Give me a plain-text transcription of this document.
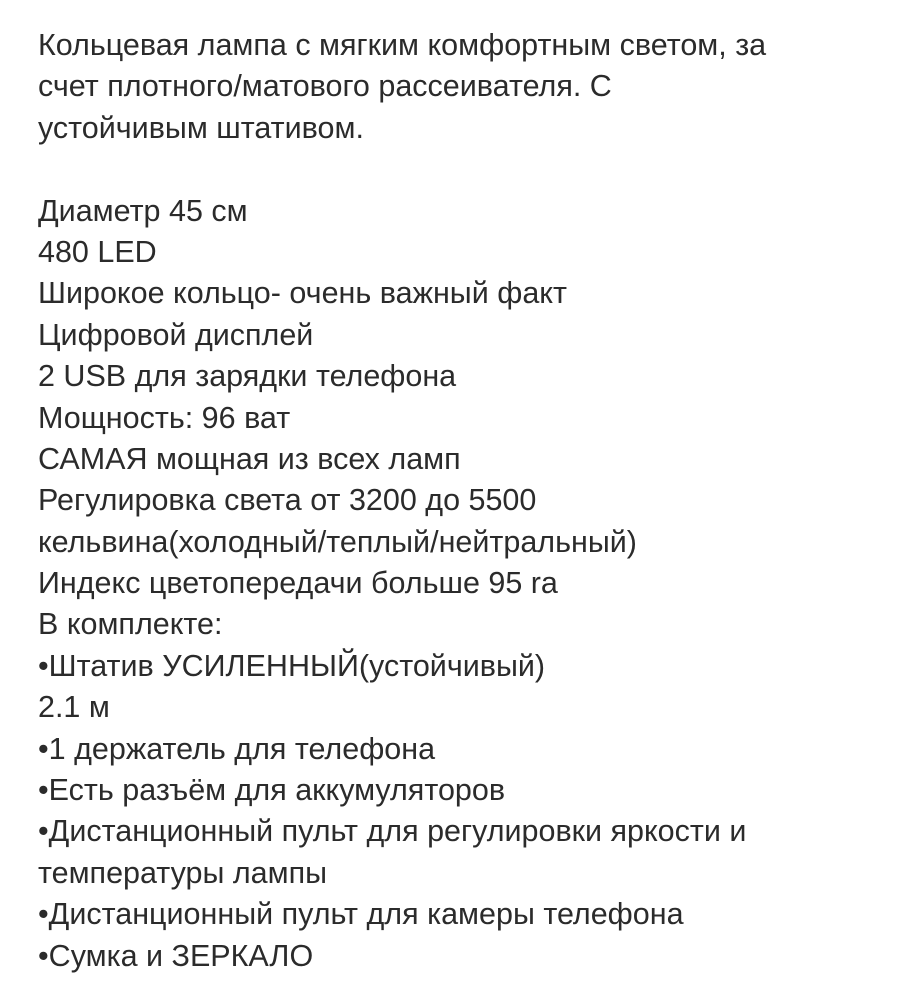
Кольцевая лампа с мягким комфортным светом, за
счет плотного/матового рассеивателя. С
устойчивым штативом.
Диаметр 45 см
480 LED
Широкое кольцо- очень важный факт
Цифровой дисплей
2 USB для зарядки телефона
Мощность: 96 ват
САМАЯ мощная из всех ламп
Регулировка света от 3200 до 5500
кельвина(холодный/теплый/нейтральный)
Индекс цветопередачи больше 95 ra
В комплекте:
•Штатив УСИЛЕННЫЙ(устойчивый)
2.1 м
•1 держатель для телефона
•Есть разъём для аккумуляторов
•Дистанционный пульт для регулировки яркости и
температуры лампы
•Дистанционный пульт для камеры телефона
•Сумка и ЗЕРКАЛО
